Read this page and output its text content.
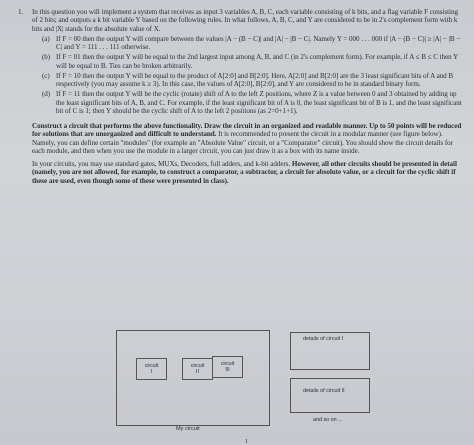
1. In this question you will implement a system that receives as input 3 variables A, B, C, each variable consisting of k bits, and a flag variable F consisting of 2 bits; and outputs a k bit variable Y based on the following rules. In what follows, A, B, C, and Y are considered to be in 2's complement form with k bits and |X| stands for the absolute value of X.
(a) If F = 00 then the output Y will compare between the values |A − (B − C)| and |A| − |B − C|. Namely Y = 000 . . . 000 if |A − (B − C)| ≥ |A| − |B − C| and Y = 111 . . . 111 otherwise.
(b) If F = 01 then the output Y will be equal to the 2nd largest input among A, B, and C (in 2's complement form). For example, if A ≤ B ≤ C then Y will be equal to B. Ties can be broken arbitrarily.
(c) If F = 10 then the output Y will be equal to the product of A[2:0] and B[2:0]. Here, A[2:0] and B[2:0] are the 3 least significant bits of A and B respectively (you may assume k ≥ 3). In this case, the values of A[2:0], B[2:0], and Y are considered to be in standard binary form.
(d) If F = 11 then the output Y will be the cyclic (rotate) shift of A to the left Z positions, where Z is a value between 0 and 3 obtained by adding up the least significant bits of A, B, and C. For example, if the least significant bit of A is 0, the least significant bit of B is 1, and the least significant bit of C is 1; then Y should be the cyclic shift of A to the left 2 positions (as 2=0+1+1).
Construct a circuit that performs the above functionality. Draw the circuit in an organized and readable manner. Up to 50 points will be reduced for solutions that are unorganized and difficult to understand. It is recommended to present the circuit in a modular manner (see figure below). Namely, you can define certain "modules" (for example an "Absolute Value" circuit, or a "Comparator" circuit). You should show the circuit details for each module, and then when you use the module in a larger circuit, you can just draw it as a box with its name inside.
In your circuits, you may use standard gates, MUXs, Decoders, full adders, and k-bit adders. However, all other circuits should be presented in detail (namely, you are not allowed, for example, to construct a comparator, a subtractor, a circuit for absolute value, or a circuit for the cyclic shift if these are used, even though some of these were presented in class).
circuit
I
circuit
II
circuit
III
details of circuit I
details of circuit II
and so on ...
My circuit
1
